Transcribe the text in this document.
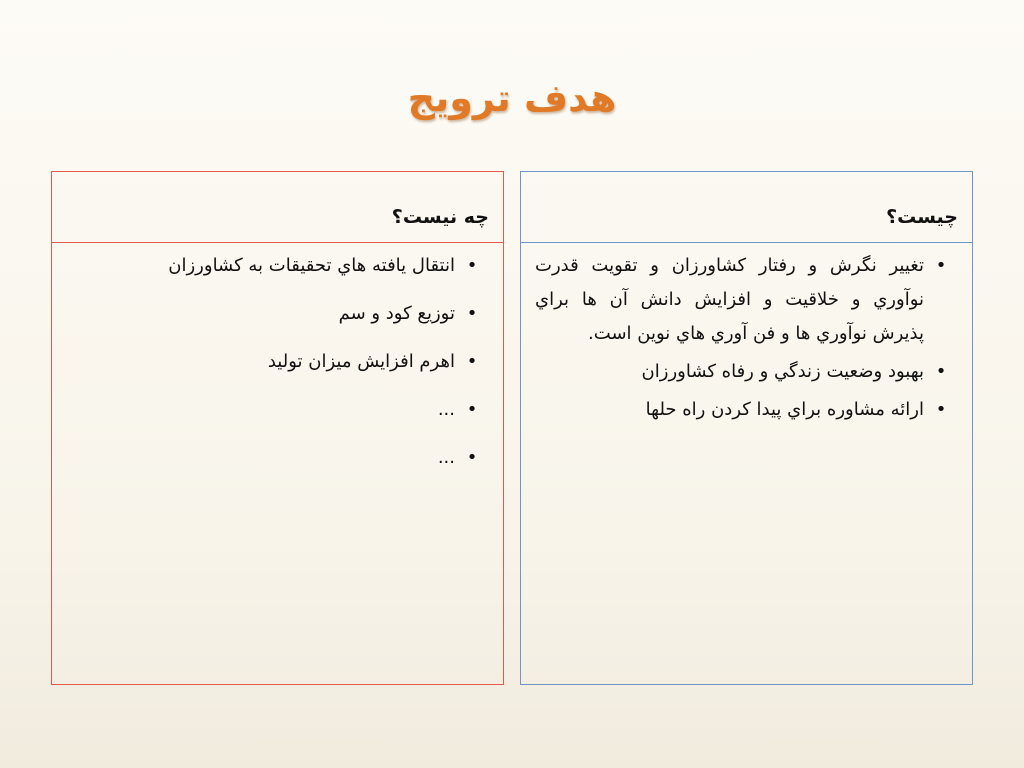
هدف ترويج
چيست؟
•
تغيير نگرش و رفتار كشاورزان و تقويت قدرت نوآوري و خلاقيت و افزايش دانش آن ها براي پذيرش نوآوري ها و فن آوري هاي نوين است.
•
بهبود وضعيت زندگي و رفاه كشاورزان
•
ارائه مشاوره براي پيدا كردن راه حلها
چه نيست؟
•
انتقال يافته هاي تحقيقات به كشاورزان
•
توزيع كود و سم
•
اهرم افزايش ميزان توليد
•
...
•
...
